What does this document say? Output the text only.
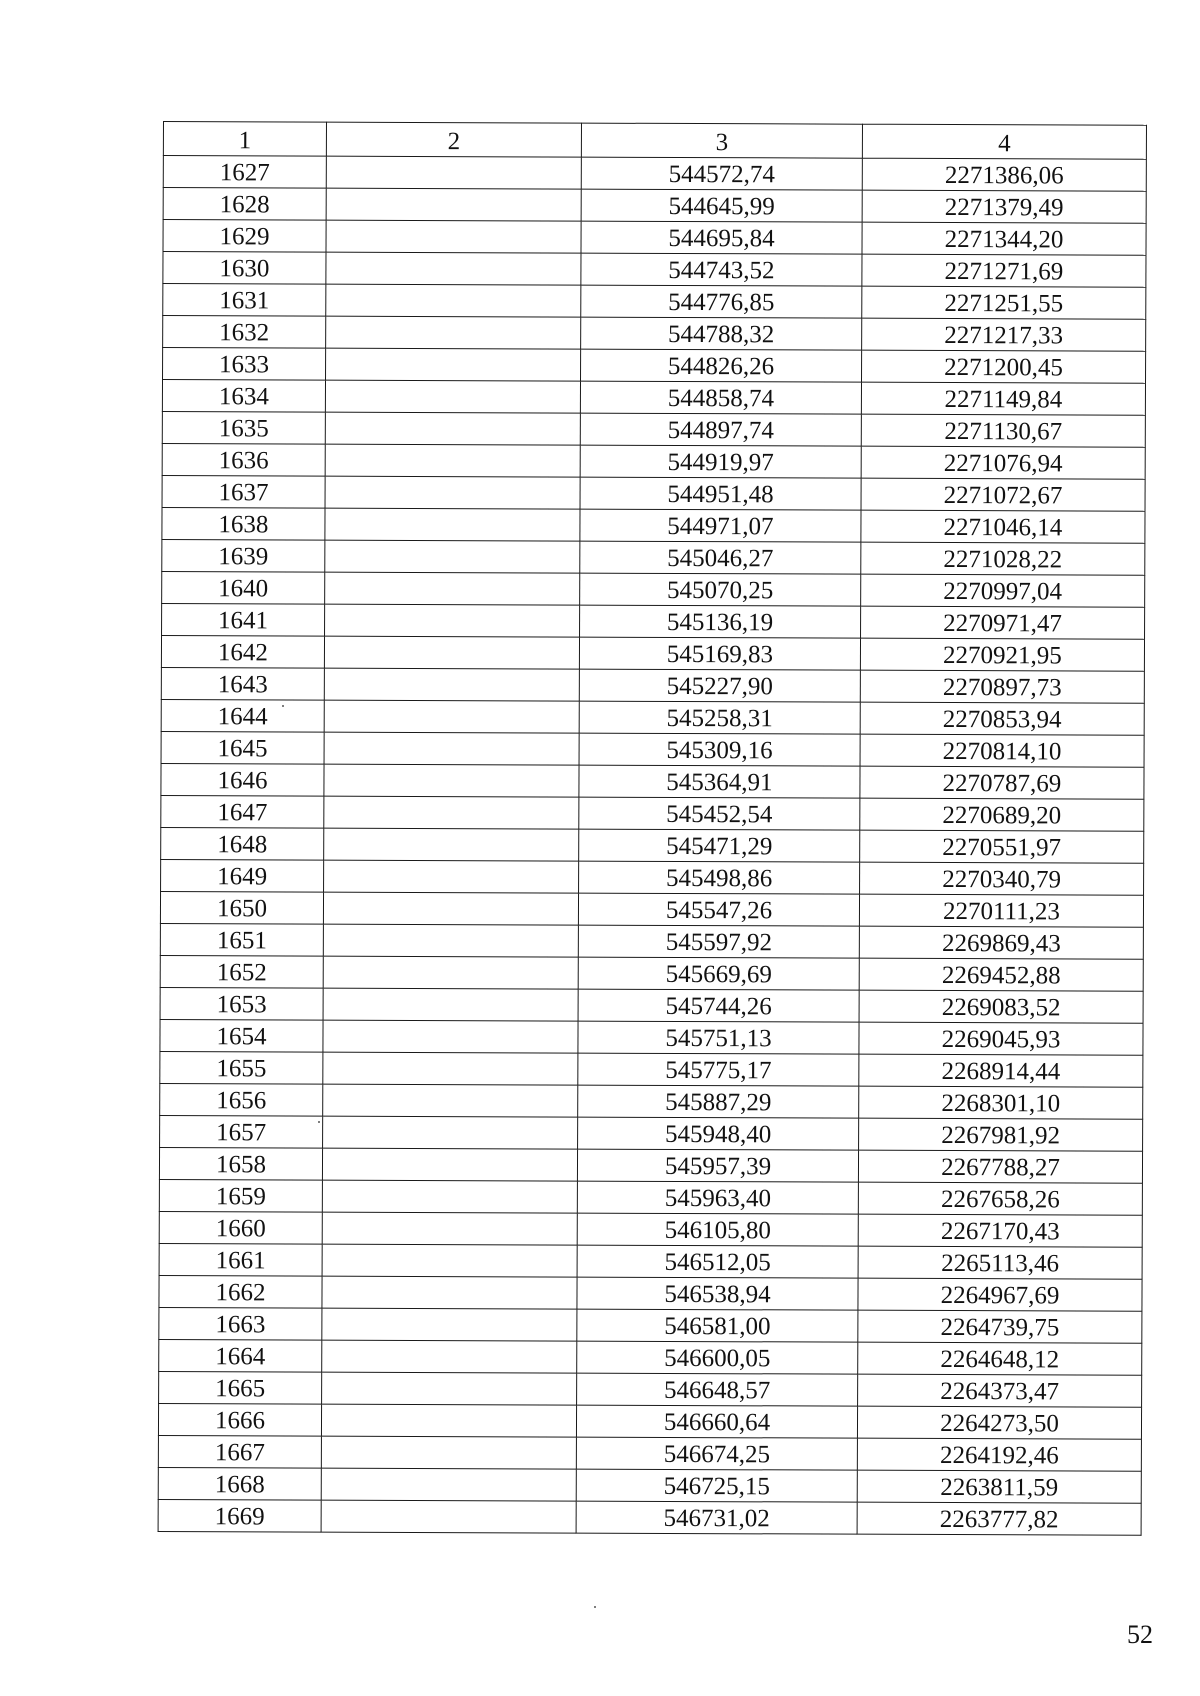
1	2	3	4
1627		544572,74	2271386,06
1628		544645,99	2271379,49
1629		544695,84	2271344,20
1630		544743,52	2271271,69
1631		544776,85	2271251,55
1632		544788,32	2271217,33
1633		544826,26	2271200,45
1634		544858,74	2271149,84
1635		544897,74	2271130,67
1636		544919,97	2271076,94
1637		544951,48	2271072,67
1638		544971,07	2271046,14
1639		545046,27	2271028,22
1640		545070,25	2270997,04
1641		545136,19	2270971,47
1642		545169,83	2270921,95
1643		545227,90	2270897,73
1644		545258,31	2270853,94
1645		545309,16	2270814,10
1646		545364,91	2270787,69
1647		545452,54	2270689,20
1648		545471,29	2270551,97
1649		545498,86	2270340,79
1650		545547,26	2270111,23
1651		545597,92	2269869,43
1652		545669,69	2269452,88
1653		545744,26	2269083,52
1654		545751,13	2269045,93
1655		545775,17	2268914,44
1656		545887,29	2268301,10
1657		545948,40	2267981,92
1658		545957,39	2267788,27
1659		545963,40	2267658,26
1660		546105,80	2267170,43
1661		546512,05	2265113,46
1662		546538,94	2264967,69
1663		546581,00	2264739,75
1664		546600,05	2264648,12
1665		546648,57	2264373,47
1666		546660,64	2264273,50
1667		546674,25	2264192,46
1668		546725,15	2263811,59
1669		546731,02	2263777,82
52
